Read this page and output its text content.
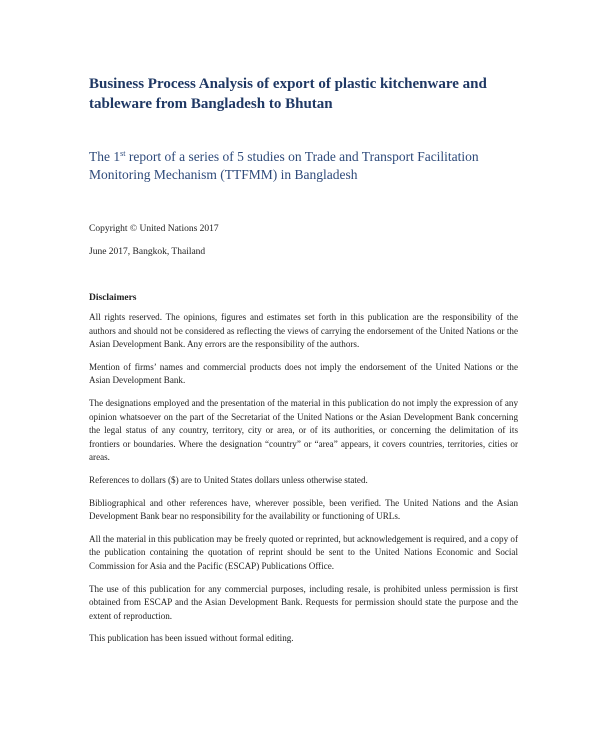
Business Process Analysis of export of plastic kitchenware and tableware from Bangladesh to Bhutan
The 1st report of a series of 5 studies on Trade and Transport Facilitation Monitoring Mechanism (TTFMM) in Bangladesh
Copyright © United Nations 2017
June 2017, Bangkok, Thailand
Disclaimers

All rights reserved. The opinions, figures and estimates set forth in this publication are the responsibility of the authors and should not be considered as reflecting the views of carrying the endorsement of the United Nations or the Asian Development Bank. Any errors are the responsibility of the authors.

Mention of firms’ names and commercial products does not imply the endorsement of the United Nations or the Asian Development Bank.

The designations employed and the presentation of the material in this publication do not imply the expression of any opinion whatsoever on the part of the Secretariat of the United Nations or the Asian Development Bank concerning the legal status of any country, territory, city or area, or of its authorities, or concerning the delimitation of its frontiers or boundaries. Where the designation “country” or “area” appears, it covers countries, territories, cities or areas.

References to dollars ($) are to United States dollars unless otherwise stated.

Bibliographical and other references have, wherever possible, been verified. The United Nations and the Asian Development Bank bear no responsibility for the availability or functioning of URLs.

All the material in this publication may be freely quoted or reprinted, but acknowledgement is required, and a copy of the publication containing the quotation of reprint should be sent to the United Nations Economic and Social Commission for Asia and the Pacific (ESCAP) Publications Office.

The use of this publication for any commercial purposes, including resale, is prohibited unless permission is first obtained from ESCAP and the Asian Development Bank. Requests for permission should state the purpose and the extent of reproduction.

This publication has been issued without formal editing.
